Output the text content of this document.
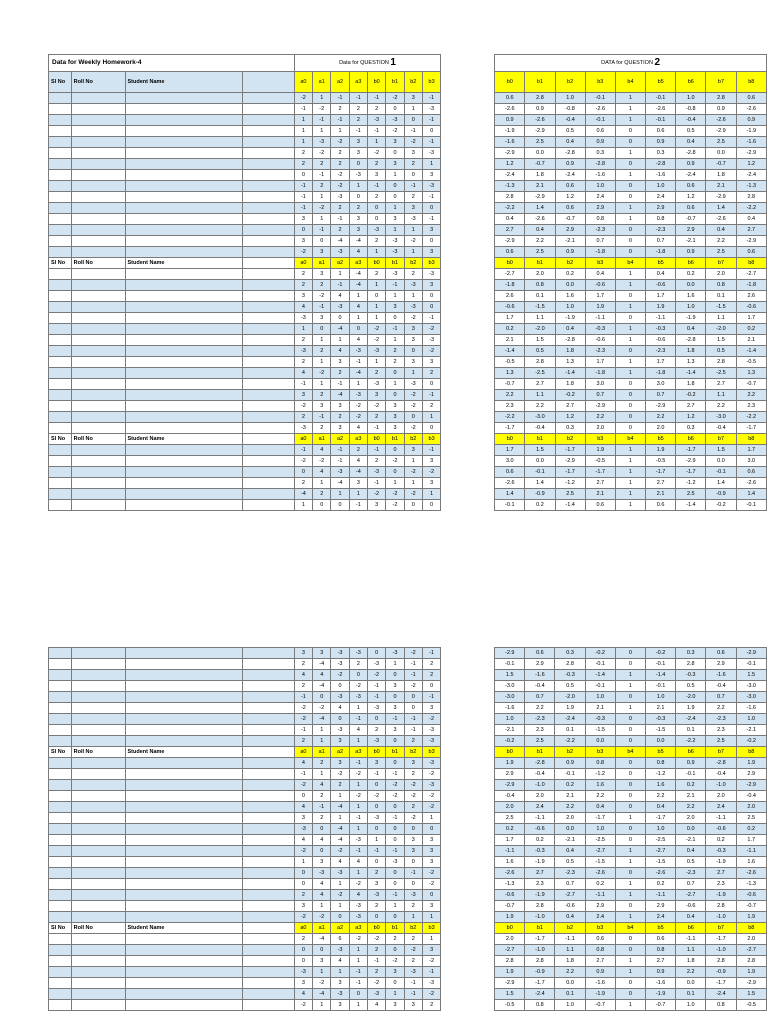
Data for Weekly Homework-4				Data for QUESTION 1									DATA for QUESTION 2								
Sl No	Roll No	Student Name		a0	a1	a2	a3	b0	b1	b2	b3		b0	b1	b2	b3	b4	b5	b6	b7	b8
				-2	1	-1	-1	-1	-2	3	-1		0.6	2.8	1.0	-0.1	1	-0.1	1.0	2.8	0.6
				-1	-2	2	2	2	0	1	-3		-2.6	0.9	-0.8	-2.6	1	-2.6	-0.8	0.9	-2.6
				1	-1	-1	2	-3	-3	0	-1		0.9	-2.6	-0.4	-0.1	1	-0.1	-0.4	-2.6	0.9
				1	1	1	-1	-1	-2	-1	0		-1.9	-2.9	0.5	0.6	0	0.6	0.5	-2.9	-1.9
				1	-3	-2	3	1	3	-2	-1		-1.6	2.5	0.4	0.9	0	0.9	0.4	2.5	-1.6
				2	-2	2	3	-2	0	3	-3		-2.9	0.0	-2.8	0.3	1	0.3	-2.8	0.0	-2.9
				2	2	2	0	2	3	2	1		1.2	-0.7	0.9	-2.8	0	-2.8	0.9	-0.7	1.2
				0	-1	-2	-3	3	1	0	3		-2.4	1.8	-2.4	-1.6	1	-1.6	-2.4	1.8	-2.4
				-1	2	-2	1	-1	0	-1	-3		-1.3	2.1	0.6	1.0	0	1.0	0.6	2.1	-1.3
				-1	1	-3	0	2	0	2	-1		2.8	-2.9	1.2	2.4	0	2.4	1.2	-2.9	2.8
				-1	-2	2	2	0	1	3	0		-2.2	1.4	0.6	2.9	1	2.9	0.6	1.4	-2.2
				3	1	-1	3	0	3	-3	-1		0.4	-2.6	-0.7	0.8	1	0.8	-0.7	-2.6	0.4
				0	-1	2	3	-3	1	1	3		2.7	0.4	2.9	-2.3	0	-2.3	2.9	0.4	2.7
				3	0	-4	-4	2	-3	-2	0		-2.9	2.2	-2.1	0.7	0	0.7	-2.1	2.2	-2.9
				-2	3	-3	4	1	-3	1	3		0.6	2.5	0.9	-1.8	0	-1.8	0.9	2.5	0.6
Sl No	Roll No	Student Name		a0	a1	a2	a3	b0	b1	b2	b3		b0	b1	b2	b3	b4	b5	b6	b7	b8
				2	3	1	-4	2	-3	2	-3		-2.7	2.0	0.2	0.4	1	0.4	0.2	2.0	-2.7
				2	2	-1	-4	1	-1	-3	3		-1.8	0.8	0.0	-0.6	1	-0.6	0.0	0.8	-1.8
				3	-2	4	1	0	1	1	0		2.6	0.1	1.6	1.7	0	1.7	1.6	0.1	2.6
				4	-1	-3	4	1	3	-3	0		-0.6	-1.5	1.0	1.9	1	1.9	1.0	-1.5	-0.6
				-3	3	0	1	1	0	-2	-1		1.7	1.1	-1.9	-1.1	0	-1.1	-1.9	1.1	1.7
				1	0	-4	0	-2	-1	3	-2		0.2	-2.0	0.4	-0.3	1	-0.3	0.4	-2.0	0.2
				2	1	1	4	-2	1	3	-3		2.1	1.5	-2.8	-0.6	1	-0.6	-2.8	1.5	2.1
				-3	2	4	-3	-3	2	0	-2		-1.4	0.5	1.8	-2.3	0	-2.3	1.8	0.5	-1.4
				2	1	3	-1	1	2	3	3		-0.5	2.8	1.3	1.7	1	1.7	1.3	2.8	-0.5
				4	-2	2	-4	2	0	1	2		1.3	-2.5	-1.4	-1.8	1	-1.8	-1.4	-2.5	1.3
				-1	1	-1	1	-3	1	-3	0		-0.7	2.7	1.8	3.0	0	3.0	1.8	2.7	-0.7
				3	2	-4	-3	3	0	-2	-1		2.2	1.1	-0.2	0.7	0	0.7	-0.2	1.1	2.2
				-2	3	3	-2	-2	3	-2	2		2.3	2.2	2.7	-2.9	0	-2.9	2.7	2.2	2.3
				2	-1	2	-2	2	3	0	1		-2.2	-3.0	1.2	2.2	0	2.2	1.2	-3.0	-2.2
				-3	2	3	4	-1	3	-2	0		-1.7	-0.4	0.3	2.0	0	2.0	0.3	-0.4	-1.7
Sl No	Roll No	Student Name		a0	a1	a2	a3	b0	b1	b2	b3		b0	b1	b2	b3	b4	b5	b6	b7	b8
				-1	4	-1	2	-1	0	3	-1		1.7	1.5	-1.7	1.9	1	1.9	-1.7	1.5	1.7
				-2	-2	-1	4	2	-2	1	3		3.0	0.0	-2.9	-0.5	1	-0.5	-2.9	0.0	3.0
				0	4	-3	-4	-3	0	-2	-2		0.6	-0.1	-1.7	-1.7	1	-1.7	-1.7	-0.1	0.6
				2	1	-4	3	-1	1	1	3		-2.6	1.4	-1.2	2.7	1	2.7	-1.2	1.4	-2.6
				-4	2	1	1	-2	-2	-2	1		1.4	-0.9	2.5	2.1	1	2.1	2.5	-0.9	1.4
				1	0	0	-1	3	-2	0	0		-0.1	0.2	-1.4	0.6	1	0.6	-1.4	-0.2	-0.1
				3	3	-3	-3	0	-3	-2	-1		-2.9	0.6	0.3	-0.2	0	-0.2	0.3	0.6	-2.9
				2	-4	-3	2	-3	1	-1	2		-0.1	2.9	2.8	-0.1	0	-0.1	2.8	2.9	-0.1
				4	4	-2	0	-2	0	-1	2		1.5	-1.6	-0.3	-1.4	1	-1.4	-0.3	-1.6	1.5
				2	-4	0	-2	-1	3	-2	0		-3.0	-0.4	0.5	-0.1	1	-0.1	0.5	-0.4	-3.0
				-1	0	-3	-3	-1	0	0	-1		-3.0	0.7	-2.0	1.0	0	1.0	-2.0	0.7	-3.0
				-2	-2	4	1	-3	3	0	3		-1.6	2.2	1.9	2.1	1	2.1	1.9	2.2	-1.6
				-2	-4	0	-1	0	-1	-1	-2		1.0	-2.3	-2.4	-0.3	0	-0.3	-2.4	-2.3	1.0
				-1	1	-3	4	2	3	-1	-3		-2.1	2.3	0.1	-1.5	0	-1.5	0.1	2.3	-2.1
				2	1	3	1	-3	0	2	-3		-0.2	2.5	-2.2	0.0	0	0.0	-2.2	2.5	-0.2
Sl No	Roll No	Student Name		a0	a1	a2	a3	b0	b1	b2	b3		b0	b1	b2	b3	b4	b5	b6	b7	b8
				4	2	3	-1	3	0	3	-3		1.9	-2.8	0.9	0.8	0	0.8	0.9	-2.8	1.9
				-1	1	-2	-2	-1	-1	2	-2		2.9	-0.4	-0.1	-1.2	0	-1.2	-0.1	-0.4	2.9
				-2	4	2	1	0	-2	-2	-3		-2.9	-1.0	0.2	1.6	0	1.6	0.2	-1.0	-2.9
				0	2	1	-2	-2	-2	-2	-2		-0.4	2.0	2.1	2.2	0	2.2	2.1	2.0	-0.4
				4	-1	-4	1	0	0	2	-2		2.0	2.4	2.2	0.4	0	0.4	2.2	2.4	2.0
				3	2	1	-1	-3	-1	-2	1		2.5	-1.1	2.0	-1.7	1	-1.7	2.0	-1.1	2.5
				-3	0	-4	1	0	0	0	0		0.2	-0.6	0.0	1.0	0	1.0	0.0	-0.6	0.2
				4	4	-4	-3	1	0	3	3		1.7	0.2	-2.1	-2.5	0	-2.5	-2.1	0.2	1.7
				-2	0	-2	-1	-1	-1	3	3		-1.1	-0.3	0.4	-2.7	1	-2.7	0.4	-0.3	-1.1
				1	3	4	4	0	-3	0	3		1.6	-1.9	0.5	-1.5	1	-1.5	0.5	-1.9	1.6
				0	-3	-3	1	2	0	-1	-2		-2.6	2.7	-2.3	-2.6	0	-2.6	-2.3	2.7	-2.6
				0	4	1	-2	3	0	0	-2		-1.3	2.3	0.7	0.2	1	0.2	0.7	2.3	-1.3
				2	4	-2	4	-3	-1	-3	0		-0.6	-1.9	-2.7	-1.1	1	-1.1	-2.7	-1.9	-0.6
				3	1	1	-3	2	1	2	3		-0.7	2.8	-0.6	2.9	0	2.9	-0.6	2.8	-0.7
				-2	-2	0	-3	0	0	1	1		1.9	-1.0	0.4	2.4	1	2.4	0.4	-1.0	1.9
Sl No	Roll No	Student Name		a0	a1	a2	a3	b0	b1	b2	b3		b0	b1	b2	b3	b4	b5	b6	b7	b8
				2	-4	6	-2	-2	2	2	1		2.0	-1.7	-1.1	0.6	0	0.6	-1.1	-1.7	2.0
				0	0	-3	1	2	0	-2	3		-2.7	-1.0	1.1	0.8	0	0.8	1.1	-1.0	-2.7
				0	3	4	1	-1	-2	2	-2		2.8	2.8	1.8	2.7	1	2.7	1.8	2.8	2.8
				-3	1	1	-1	2	3	-3	-1		1.9	-0.9	2.2	0.9	1	0.9	2.2	-0.9	1.9
				3	-2	3	-1	-2	0	-1	-3		-2.9	-1.7	0.0	-1.6	0	-1.6	0.0	-1.7	-2.9
				4	-4	-3	0	-3	1	-1	-2		1.5	-2.4	0.1	-1.9	0	-1.9	0.1	-2.4	1.5
				-2	1	3	1	4	3	3	2		-0.5	0.8	1.0	-0.7	1	-0.7	1.0	0.8	-0.5
